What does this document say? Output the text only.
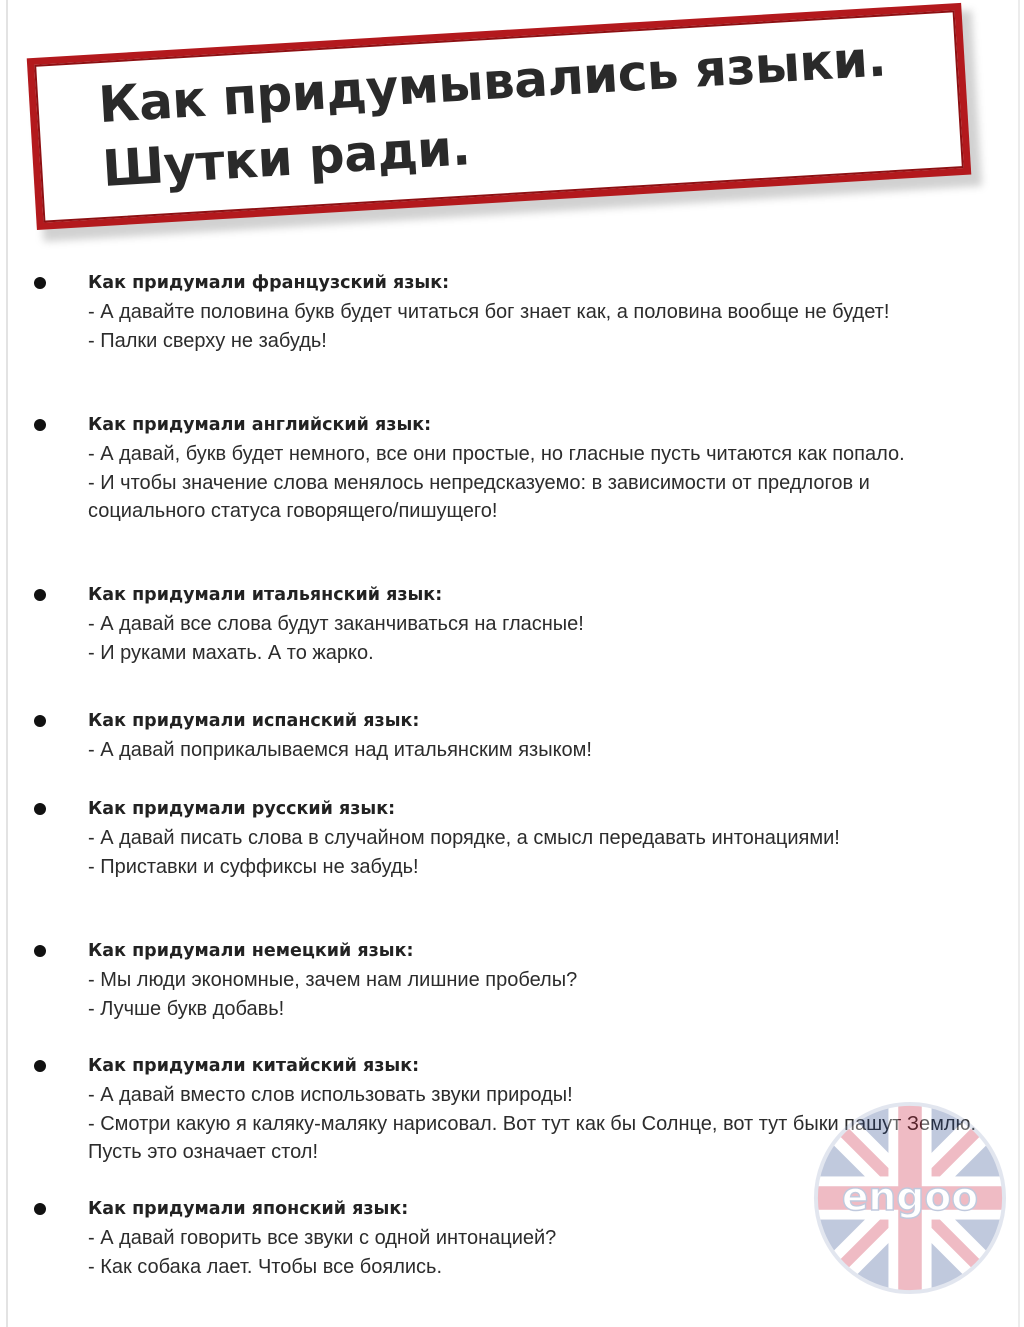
Как придумывались языки.
Шутки ради.
Как придумали французский язык:

- А давайте половина букв будет читаться бог знает как, а половина вообще не будет!

- Палки сверху не забудь!

Как придумали английский язык:

- А давай, букв будет немного, все они простые, но гласные пусть читаются как попало.

- И чтобы значение слова менялось непредсказуемо: в зависимости от предлогов и социального статуса говорящего/пишущего!

Как придумали итальянский язык:

- А давай все слова будут заканчиваться на гласные!

- И руками махать. А то жарко.

Как придумали испанский язык:

- А давай поприкалываемся над итальянским языком!

Как придумали русский язык:

- А давай писать слова в случайном порядке, а смысл передавать интонациями!

- Приставки и суффиксы не забудь!

Как придумали немецкий язык:

- Мы люди экономные, зачем нам лишние пробелы?

- Лучше букв добавь!

Как придумали китайский язык:

- А давай вместо слов использовать звуки природы!

- Смотри какую я каляку-маляку нарисовал. Вот тут как бы Солнце, вот тут быки пашут Землю. Пусть это означает стол!

Как придумали японский язык:

- А давай говорить все звуки с одной интонацией?

- Как собака лает. Чтобы все боялись.

engoo
